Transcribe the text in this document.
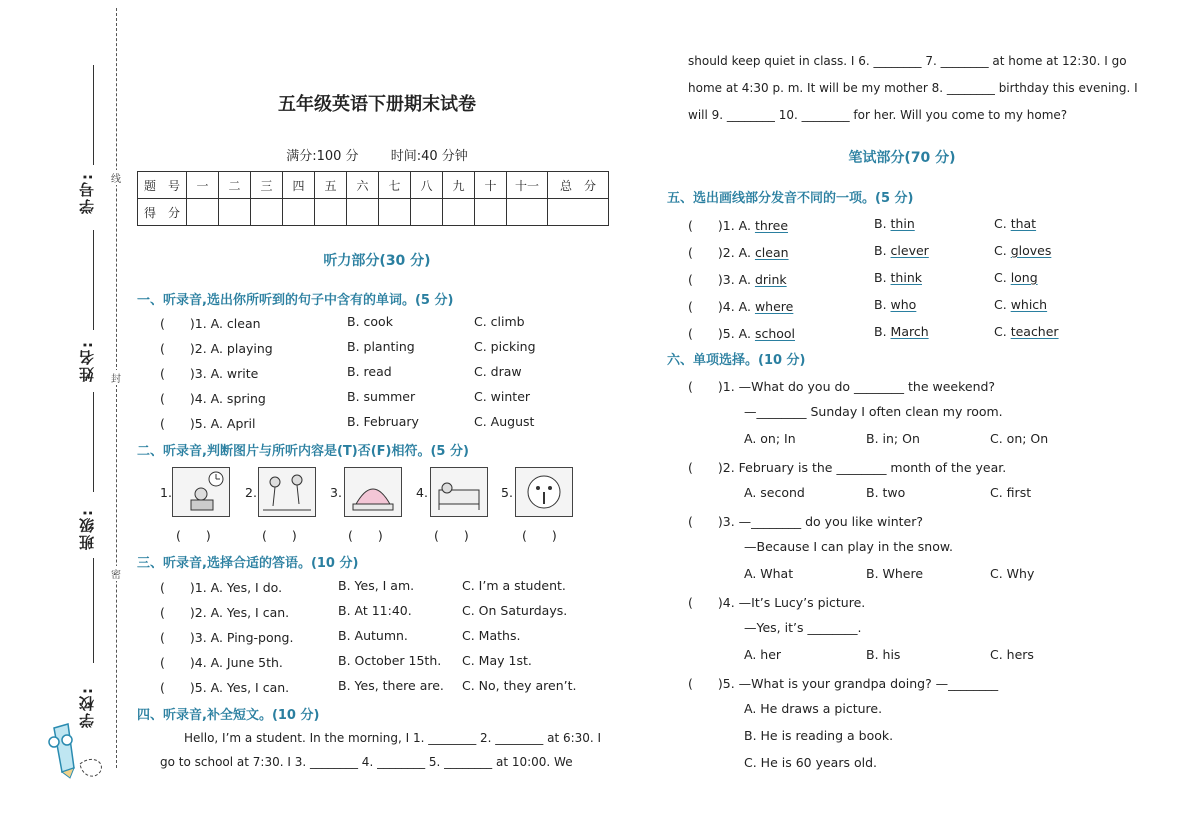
学号:
姓名:
班级:
学校:
线
封
密
五年级英语下册期末试卷
满分:100 分 时间:40 分钟
题　号	一	二	三	四	五	六	七	八	九	十	十一	总　分
得　分												
听力部分(30 分)
一、听录音,选出你所听到的句子中含有的单词。(5 分)
(　　)1. A. clean	B. cook	C. climb
(　　)2. A. playing	B. planting	C. picking
(　　)3. A. write	B. read	C. draw
(　　)4. A. spring	B. summer	C. winter
(　　)5. A. April	B. February	C. August
二、听录音,判断图片与所听内容是(T)否(F)相符。(5 分)
1.	2.	3.	4.	5.
(　　)	(　　)	(　　)	(　　)	(　　)
三、听录音,选择合适的答语。(10 分)
(　　)1. A. Yes, I do.	B. Yes, I am.	C. I’m a student.
(　　)2. A. Yes, I can.	B. At 11:40.	C. On Saturdays.
(　　)3. A. Ping-pong.	B. Autumn.	C. Maths.
(　　)4. A. June 5th.	B. October 15th. C. May 1st.
(　　)5. A. Yes, I can.	B. Yes, there are. C. No, they aren’t.
四、听录音,补全短文。(10 分)
　　Hello, I’m a student. In the morning, I 1. ________ 2. ________ at 6:30. I
go to school at 7:30. I 3. ________ 4. ________ 5. ________ at 10:00. We
should keep quiet in class. I 6. ________ 7. ________ at home at 12:30. I go
home at 4:30 p. m. It will be my mother 8. ________ birthday this evening. I
will 9. ________ 10. ________ for her. Will you come to my home?
笔试部分(70 分)
五、选出画线部分发音不同的一项。(5 分)
(　　)1. A. three	B. thin	C. that
(　　)2. A. clean	B. clever	C. gloves
(　　)3. A. drink	B. think	C. long
(　　)4. A. where	B. who	C. which
(　　)5. A. school	B. March	C. teacher
六、单项选择。(10 分)
(　　)1. —What do you do ________ the weekend?
—________ Sunday I often clean my room.
A. on; In	B. in; On	C. on; On
(　　)2. February is the ________ month of the year.
A. second	B. two	C. first
(　　)3. —________ do you like winter?
—Because I can play in the snow.
A. What	B. Where	C. Why
(　　)4. —It’s Lucy’s picture.
—Yes, it’s ________.
A. her	B. his	C. hers
(　　)5. —What is your grandpa doing? —________
A. He draws a picture.
B. He is reading a book.
C. He is 60 years old.
